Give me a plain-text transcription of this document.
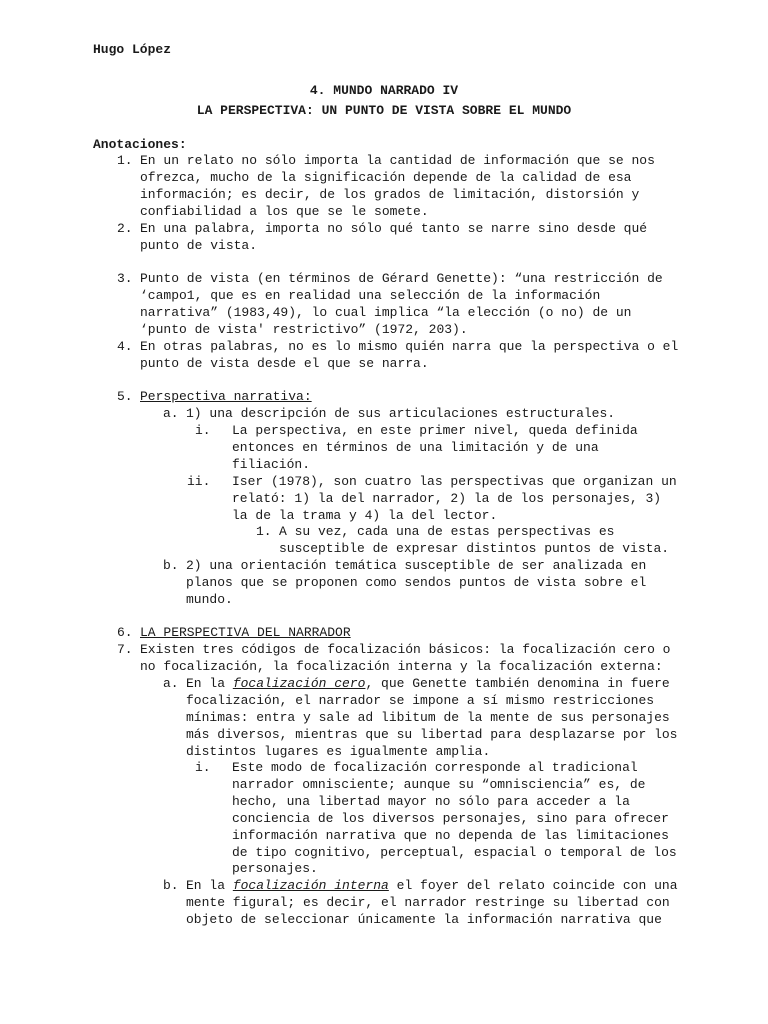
Hugo López
4. MUNDO NARRADO IV
LA PERSPECTIVA: UN PUNTO DE VISTA SOBRE EL MUNDO
Anotaciones:
1. En un relato no sólo importa la cantidad de información que se nos
ofrezca, mucho de la significación depende de la calidad de esa
información; es decir, de los grados de limitación, distorsión y
confiabilidad a los que se le somete.
2. En una palabra, importa no sólo qué tanto se narre sino desde qué
punto de vista.
3. Punto de vista (en términos de Gérard Genette): “una restricción de
‘campo1, que es en realidad una selección de la información
narrativa” (1983,49), lo cual implica “la elección (o no) de un
‘punto de vista' restrictivo” (1972, 203).
4. En otras palabras, no es lo mismo quién narra que la perspectiva o el
punto de vista desde el que se narra.
5. Perspectiva narrativa:
a. 1) una descripción de sus articulaciones estructurales.
i. La perspectiva, en este primer nivel, queda definida
entonces en términos de una limitación y de una
filiación.
ii. Iser (1978), son cuatro las perspectivas que organizan un
relató: 1) la del narrador, 2) la de los personajes, 3)
la de la trama y 4) la del lector.
1. A su vez, cada una de estas perspectivas es
susceptible de expresar distintos puntos de vista.
b. 2) una orientación temática susceptible de ser analizada en
planos que se proponen como sendos puntos de vista sobre el
mundo.
6. LA PERSPECTIVA DEL NARRADOR
7. Existen tres códigos de focalización básicos: la focalización cero o
no focalización, la focalización interna y la focalización externa:
a. En la focalización cero, que Genette también denomina in fuere
focalización, el narrador se impone a sí mismo restricciones
mínimas: entra y sale ad libitum de la mente de sus personajes
más diversos, mientras que su libertad para desplazarse por los
distintos lugares es igualmente amplia.
i. Este modo de focalización corresponde al tradicional
narrador omnisciente; aunque su “omnisciencia” es, de
hecho, una libertad mayor no sólo para acceder a la
conciencia de los diversos personajes, sino para ofrecer
información narrativa que no dependa de las limitaciones
de tipo cognitivo, perceptual, espacial o temporal de los
personajes.
b. En la focalización interna el foyer del relato coincide con una
mente figural; es decir, el narrador restringe su libertad con
objeto de seleccionar únicamente la información narrativa que
